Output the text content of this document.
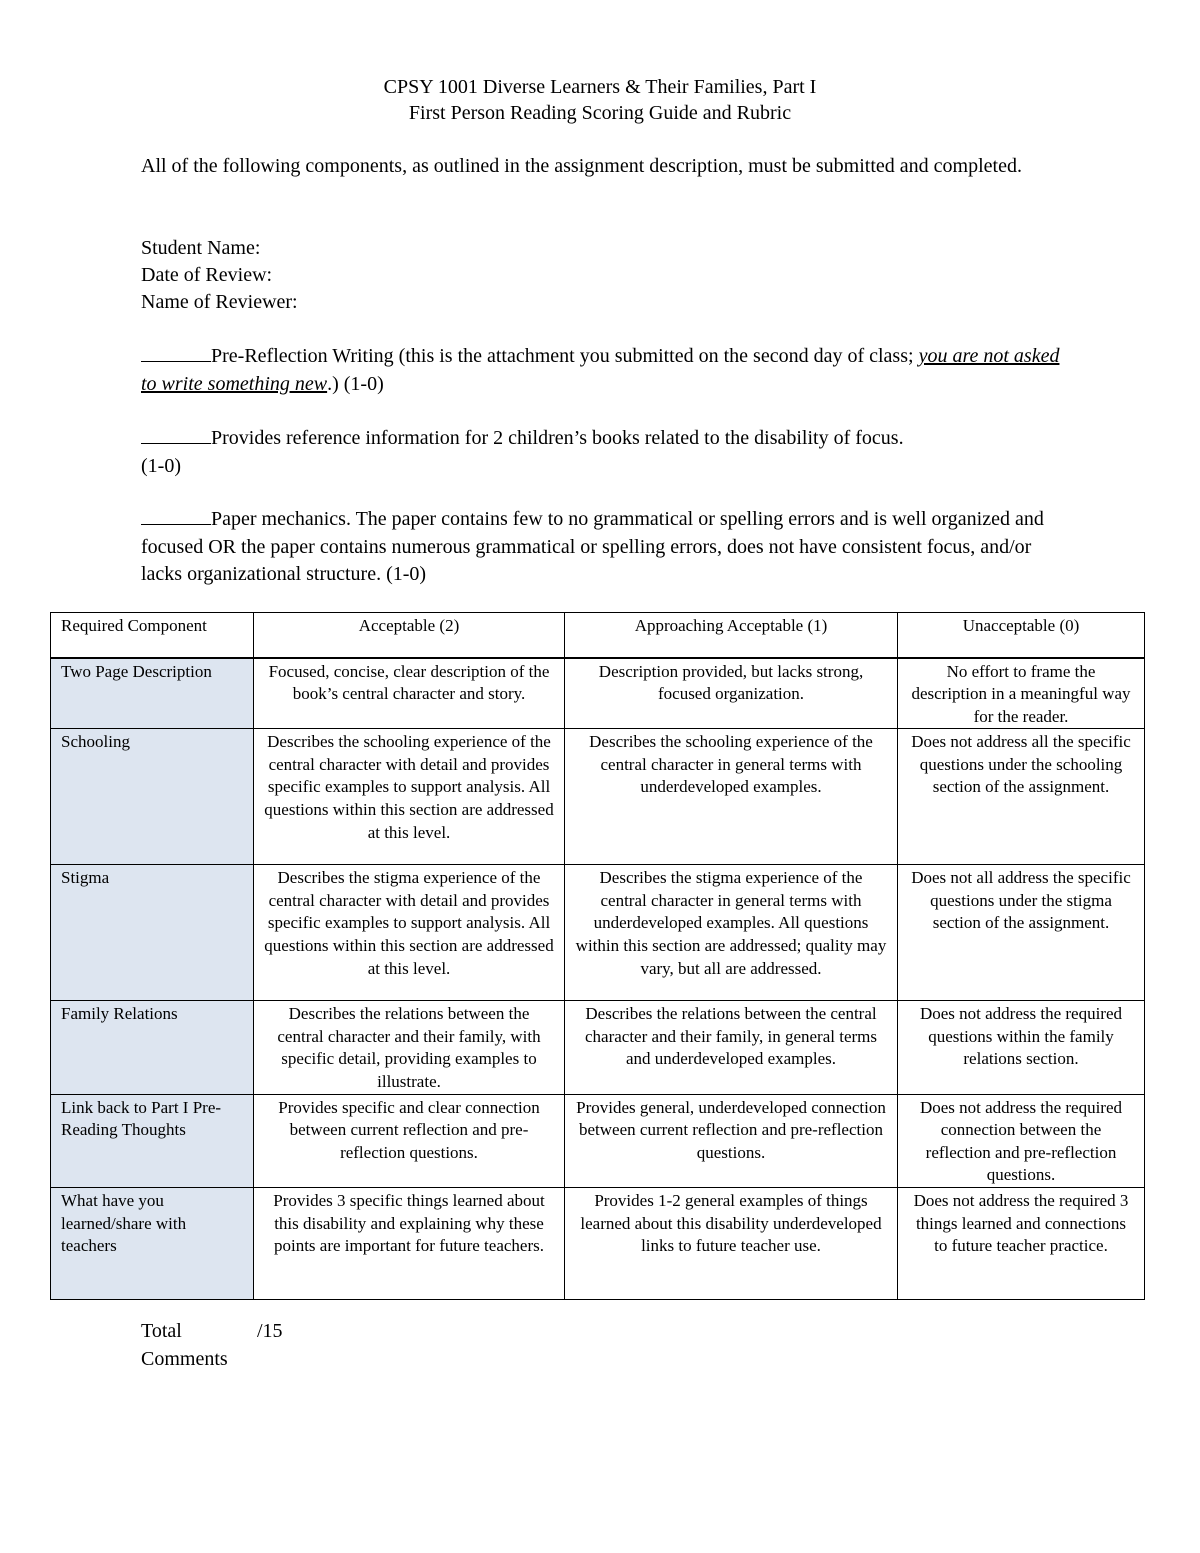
CPSY 1001 Diverse Learners & Their Families, Part I
First Person Reading Scoring Guide and Rubric
All of the following components, as outlined in the assignment description, must be submitted and completed.
Student Name:
Date of Review:
Name of Reviewer:
Pre-Reflection Writing (this is the attachment you submitted on the second day of class; you are not asked to write something new.) (1-0)
Provides reference information for 2 children’s books related to the disability of focus.
(1-0)
Paper mechanics. The paper contains few to no grammatical or spelling errors and is well organized and focused OR the paper contains numerous grammatical or spelling errors, does not have consistent focus, and/or lacks organizational structure. (1-0)
Required Component	Acceptable (2)	Approaching Acceptable (1)	Unacceptable (0)
Two Page Description	Focused, concise, clear description of the book’s central character and story.	Description provided, but lacks strong, focused organization.	No effort to frame the description in a meaningful way for the reader.
Schooling	Describes the schooling experience of the central character with detail and provides specific examples to support analysis. All questions within this section are addressed at this level.	Describes the schooling experience of the central character in general terms with underdeveloped examples.	Does not address all the specific questions under the schooling section of the assignment.
Stigma	Describes the stigma experience of the central character with detail and provides specific examples to support analysis. All questions within this section are addressed at this level.	Describes the stigma experience of the central character in general terms with underdeveloped examples. All questions within this section are addressed; quality may vary, but all are addressed.	Does not all address the specific questions under the stigma section of the assignment.
Family Relations	Describes the relations between the central character and their family, with specific detail, providing examples to illustrate.	Describes the relations between the central character and their family, in general terms and underdeveloped examples.	Does not address the required questions within the family relations section.
Link back to Part I Pre-Reading Thoughts	Provides specific and clear connection between current reflection and pre-reflection questions.	Provides general, underdeveloped connection between current reflection and pre-reflection questions.	Does not address the required connection between the reflection and pre-reflection questions.
What have you learned/share with teachers	Provides 3 specific things learned about this disability and explaining why these points are important for future teachers.	Provides 1-2 general examples of things learned about this disability underdeveloped links to future teacher use.	Does not address the required 3 things learned and connections to future teacher practice.
Total	/15
Comments
